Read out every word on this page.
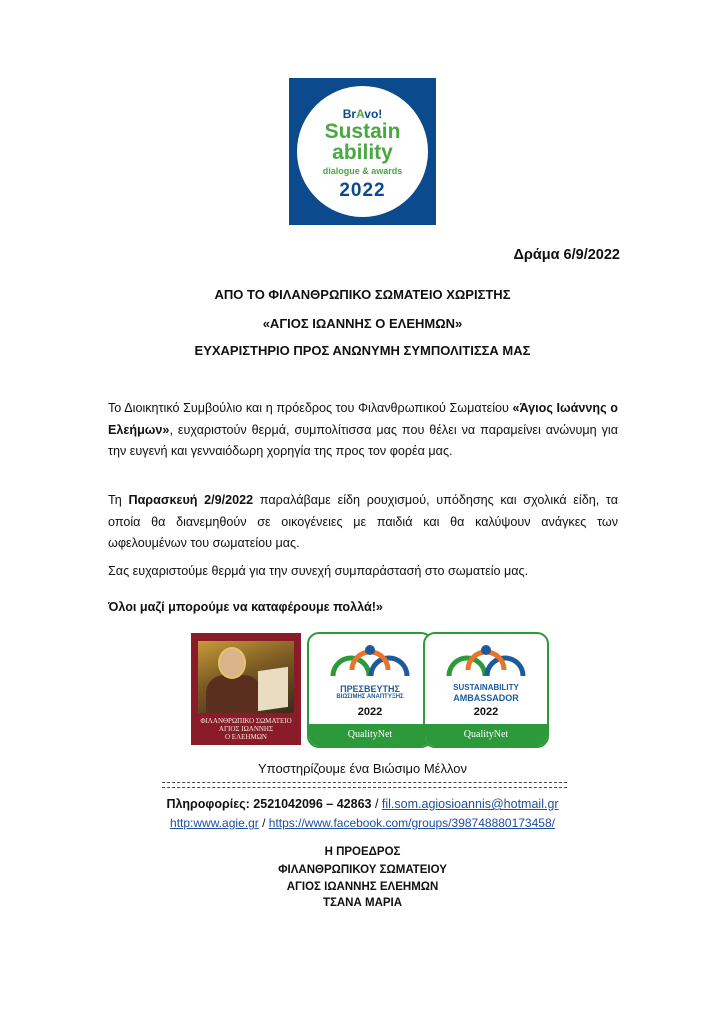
BrAvo!
Sustain
ability
dialogue & awards
2022
Δράμα 6/9/2022
ΑΠΟ ΤΟ ΦΙΛΑΝΘΡΩΠΙΚΟ ΣΩΜΑΤΕΙΟ ΧΩΡΙΣΤΗΣ
«ΑΓΙΟΣ ΙΩΑΝΝΗΣ Ο ΕΛΕΗΜΩΝ»
ΕΥΧΑΡΙΣΤΗΡΙΟ ΠΡΟΣ ΑΝΩΝΥΜΗ ΣΥΜΠΟΛΙΤΙΣΣΑ ΜΑΣ
Το Διοικητικό Συμβούλιο και η πρόεδρος του Φιλανθρωπικού Σωματείου «Άγιος Ιωάννης ο Ελεήμων», ευχαριστούν θερμά, συμπολίτισσα μας που θέλει να παραμείνει ανώνυμη για την ευγενή και γενναιόδωρη χορηγία της προς τον φορέα μας.
Τη Παρασκευή 2/9/2022 παραλάβαμε είδη ρουχισμού, υπόδησης και σχολικά είδη, τα οποία θα διανεμηθούν σε οικογένειες με παιδιά και θα καλύψουν ανάγκες των ωφελουμένων του σωματείου μας.
Σας ευχαριστούμε θερμά για την συνεχή συμπαράστασή στο σωματείο μας.
Όλοι μαζί μπορούμε να καταφέρουμε πολλά!»
ΦΙΛΑΝΘΡΩΠΙΚΟ ΣΩΜΑΤΕΙΟ
ΑΓΙΟΣ ΙΩΑΝΝΗΣ
Ο ΕΛΕΗΜΩΝ
ΠΡΕΣΒΕΥΤΗΣ
ΒΙΩΣΙΜΗΣ ΑΝΑΠΤΥΞΗΣ
2022
QualityNet
SUSTAINABILITY
AMBASSADOR
2022
QualityNet
Υποστηρίζουμε ένα Βιώσιμο Μέλλον
Πληροφορίες: 2521042096 – 42863 / fil.som.agiosioannis@hotmail.gr
http:www.agie.gr / https://www.facebook.com/groups/398748880173458/
Η ΠΡΟΕΔΡΟΣ
ΦΙΛΑΝΘΡΩΠΙΚΟΥ ΣΩΜΑΤΕΙΟΥ
ΑΓΙΟΣ ΙΩΑΝΝΗΣ ΕΛΕΗΜΩΝ
ΤΣΑΝΑ ΜΑΡΙΑ
